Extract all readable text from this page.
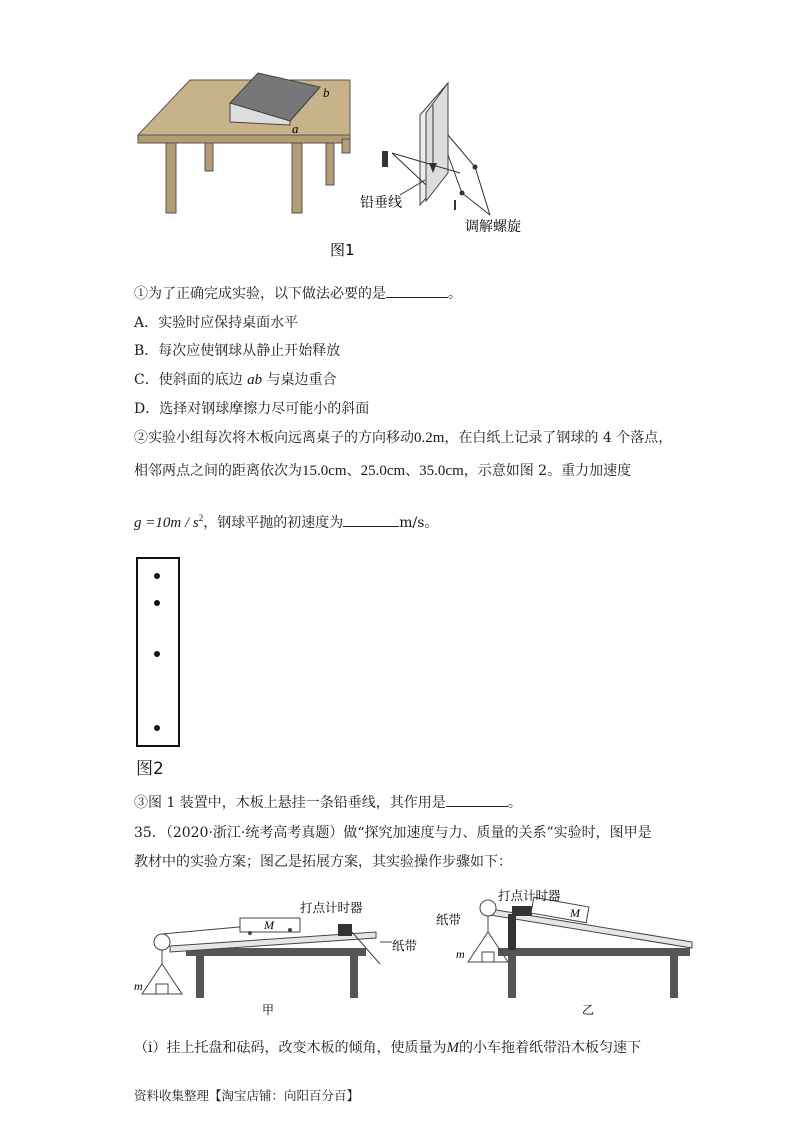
b
a
铅垂线
调解螺旋
图1
①为了正确完成实验，以下做法必要的是	。
A．实验时应保持桌面水平
B．每次应使钢球从静止开始释放
C．使斜面的底边 ab 与桌边重合
D．选择对钢球摩擦力尽可能小的斜面
②实验小组每次将木板向远离桌子的方向移动0.2m，在白纸上记录了钢球的 4 个落点，
相邻两点之间的距离依次为15.0cm、25.0cm、35.0cm，示意如图 2。重力加速度
$g =10m / s^2$，钢球平抛的初速度为	m/s。
图2
③图 1 装置中，木板上悬挂一条铅垂线，其作用是	。
35．（2020·浙江·统考高考真题）做“探究加速度与力、质量的关系”实验时，图甲是
教材中的实验方案；图乙是拓展方案，其实验操作步骤如下：
M
打点计时器
纸带
m
甲
M
打点计时器
纸带
m
乙
（ⅰ）挂上托盘和砝码，改变木板的倾角，使质量为M的小车拖着纸带沿木板匀速下
资料收集整理【淘宝店铺：向阳百分百】
